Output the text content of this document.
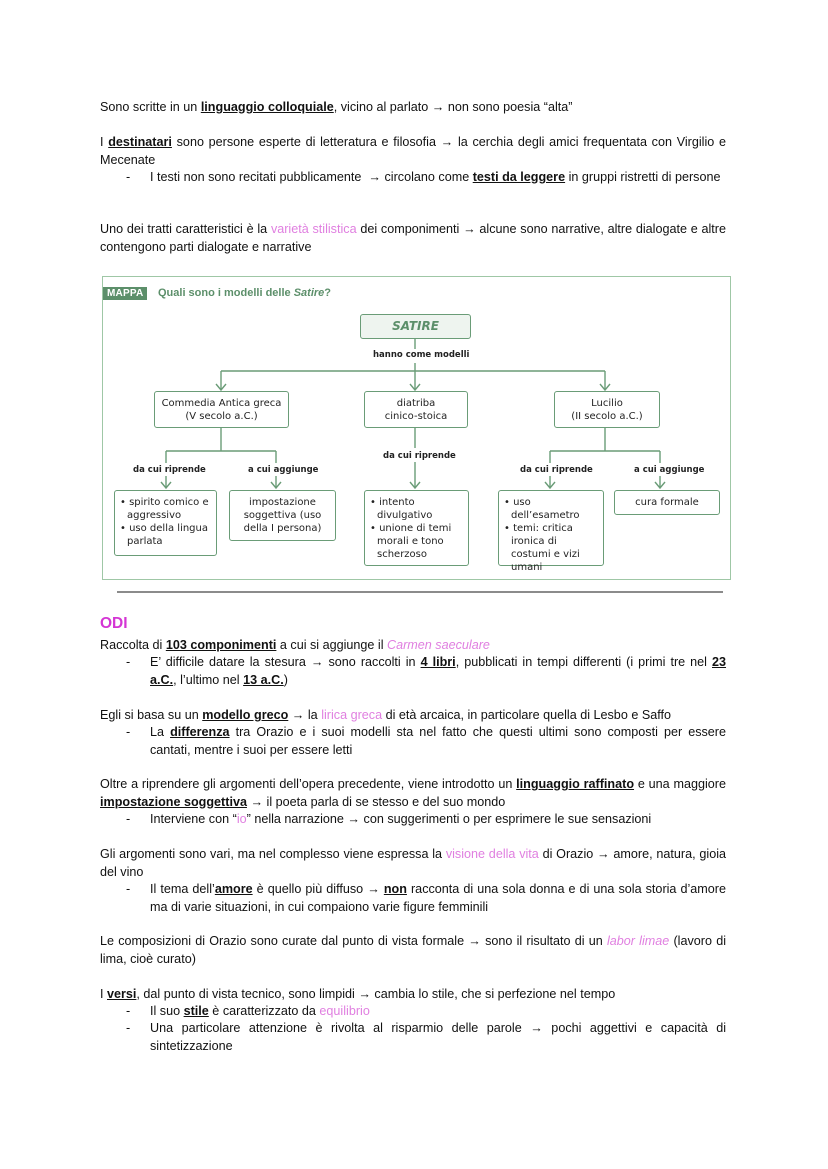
Sono scritte in un linguaggio colloquiale, vicino al parlato → non sono poesia “alta”

I destinatari sono persone esperte di letteratura e filosofia → la cerchia degli amici frequentata con Virgilio e Mecenate

- I testi non sono recitati pubblicamente  → circolano come testi da leggere in gruppi ristretti di persone

Uno dei tratti caratteristici è la varietà stilistica dei componimenti → alcune sono narrative, altre dialogate e altre contengono parti dialogate e narrative

MAPPA	Quali sono i modelli delle Satire?
SATIRE
hanno come modelli
Commedia Antica greca
(V secolo a.C.)
diatriba
cinico-stoica
Lucilio
(II secolo a.C.)
da cui riprende	a cui aggiunge
da cui riprende
da cui riprende	a cui aggiunge
• spirito comico e aggressivo
• uso della lingua parlata
impostazione soggettiva (uso della I persona)
• intento divulgativo
• unione di temi morali e tono scherzoso
• uso dell’esametro
• temi: critica ironica di costumi e vizi umani
cura formale
ODI

Raccolta di 103 componimenti a cui si aggiunge il Carmen saeculare

- E’ difficile datare la stesura → sono raccolti in 4 libri, pubblicati in tempi differenti (i primi tre nel 23 a.C., l’ultimo nel 13 a.C.)

Egli si basa su un modello greco → la lirica greca di età arcaica, in particolare quella di Lesbo e Saffo

- La differenza tra Orazio e i suoi modelli sta nel fatto che questi ultimi sono composti per essere cantati, mentre i suoi per essere letti

Oltre a riprendere gli argomenti dell’opera precedente, viene introdotto un linguaggio raffinato e una maggiore impostazione soggettiva → il poeta parla di se stesso e del suo mondo

- Interviene con “io” nella narrazione → con suggerimenti o per esprimere le sue sensazioni

Gli argomenti sono vari, ma nel complesso viene espressa la visione della vita di Orazio → amore, natura, gioia del vino

- Il tema dell’amore è quello più diffuso → non racconta di una sola donna e di una sola storia d’amore ma di varie situazioni, in cui compaiono varie figure femminili

Le composizioni di Orazio sono curate dal punto di vista formale → sono il risultato di un labor limae (lavoro di lima, cioè curato)

I versi, dal punto di vista tecnico, sono limpidi → cambia lo stile, che si perfezione nel tempo

- Il suo stile è caratterizzato da equilibrio

- Una particolare attenzione è rivolta al risparmio delle parole → pochi aggettivi e capacità di sintetizzazione
